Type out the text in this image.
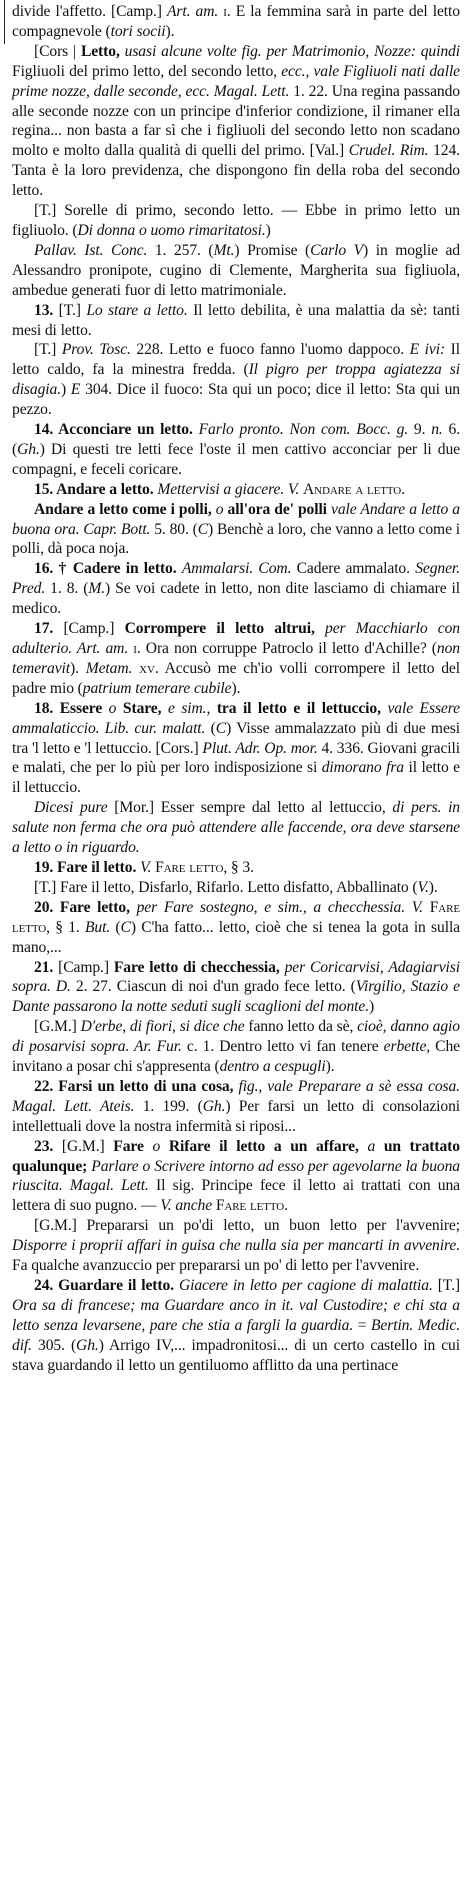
divide l'affetto. [Camp.] Art. am. i. E la femmina sarà in parte del letto compagnevole (tori socii).

[Cors | Letto, usasi alcune volte fig. per Matrimonio, Nozze: quindi Figliuoli del primo letto, del secondo letto, ecc., vale Figliuoli nati dalle prime nozze, dalle seconde, ecc. Magal. Lett. 1. 22. Una regina passando alle seconde nozze con un principe d'inferior condizione, il rimaner ella regina... non basta a far sì che i figliuoli del secondo letto non scadano molto e molto dalla qualità di quelli del primo. [Val.] Crudel. Rim. 124. Tanta è la loro previdenza, che dispongono fin della roba del secondo letto.

[T.] Sorelle di primo, secondo letto. — Ebbe in primo letto un figliuolo. (Di donna o uomo rimaritatosi.)

Pallav. Ist. Conc. 1. 257. (Mt.) Promise (Carlo V) in moglie ad Alessandro pronipote, cugino di Clemente, Margherita sua figliuola, ambedue generati fuor di letto matrimoniale.

13. [T.] Lo stare a letto. Il letto debilita, è una malattia da sè: tanti mesi di letto.

[T.] Prov. Tosc. 228. Letto e fuoco fanno l'uomo dappoco. E ivi: Il letto caldo, fa la minestra fredda. (Il pigro per troppa agiatezza si disagia.) E 304. Dice il fuoco: Sta qui un poco; dice il letto: Sta qui un pezzo.

14. Acconciare un letto. Farlo pronto. Non com. Bocc. g. 9. n. 6. (Gh.) Di questi tre letti fece l'oste il men cattivo acconciar per li due compagni, e feceli coricare.

15. Andare a letto. Mettervisi a giacere. V. Andare a letto.

Andare a letto come i polli, o all'ora de' polli vale Andare a letto a buona ora. Capr. Bott. 5. 80. (C) Benchè a loro, che vanno a letto come i polli, dà poca noja.

16. † Cadere in letto. Ammalarsi. Com. Cadere ammalato. Segner. Pred. 1. 8. (M.) Se voi cadete in letto, non dite lasciamo di chiamare il medico.

17. [Camp.] Corrompere il letto altrui, per Macchiarlo con adulterio. Art. am. i. Ora non corruppe Patroclo il letto d'Achille? (non temeravit). Metam. xv. Accusò me ch'io volli corrompere il letto del padre mio (patrium temerare cubile).

18. Essere o Stare, e sim., tra il letto e il lettuccio, vale Essere ammalaticcio. Lib. cur. malatt. (C) Visse ammalazzato più di due mesi tra 'l letto e 'l lettuccio. [Cors.] Plut. Adr. Op. mor. 4. 336. Giovani gracili e malati, che per lo più per loro indisposizione si dimorano fra il letto e il lettuccio.

Dicesi pure [Mor.] Esser sempre dal letto al lettuccio, di pers. in salute non ferma che ora può attendere alle faccende, ora deve starsene a letto o in riguardo.

19. Fare il letto. V. Fare letto, § 3.

[T.] Fare il letto, Disfarlo, Rifarlo. Letto disfatto, Abballinato (V.).

20. Fare letto, per Fare sostegno, e sim., a checchessia. V. Fare letto, § 1. But. (C) C'ha fatto... letto, cioè che si tenea la gota in sulla mano,...

21. [Camp.] Fare letto di checchessia, per Coricarvisi, Adagiarvisi sopra. D. 2. 27. Ciascun di noi d'un grado fece letto. (Virgilio, Stazio e Dante passarono la notte seduti sugli scaglioni del monte.)

[G.M.] D'erbe, di fiori, si dice che fanno letto da sè, cioè, danno agio di posarvisi sopra. Ar. Fur. c. 1. Dentro letto vi fan tenere erbette, Che invitano a posar chi s'appresenta (dentro a cespugli).

22. Farsi un letto di una cosa, fig., vale Preparare a sè essa cosa. Magal. Lett. Ateis. 1. 199. (Gh.) Per farsi un letto di consolazioni intellettuali dove la nostra infermità si riposi...

23. [G.M.] Fare o Rifare il letto a un affare, a un trattato qualunque; Parlare o Scrivere intorno ad esso per agevolarne la buona riuscita. Magal. Lett. Il sig. Principe fece il letto ai trattati con una lettera di suo pugno. — V. anche Fare letto.

[G.M.] Prepararsi un po'di letto, un buon letto per l'avvenire; Disporre i proprii affari in guisa che nulla sia per mancarti in avvenire. Fa qualche avanzuccio per prepararsi un po' di letto per l'avvenire.

24. Guardare il letto. Giacere in letto per cagione di malattia. [T.] Ora sa di francese; ma Guardare anco in it. val Custodire; e chi sta a letto senza levarsene, pare che stia a fargli la guardia. = Bertin. Medic. dif. 305. (Gh.) Arrigo IV,... impadronitosi... di un certo castello in cui stava guardando il letto un gentiluomo afflitto da una pertinace
